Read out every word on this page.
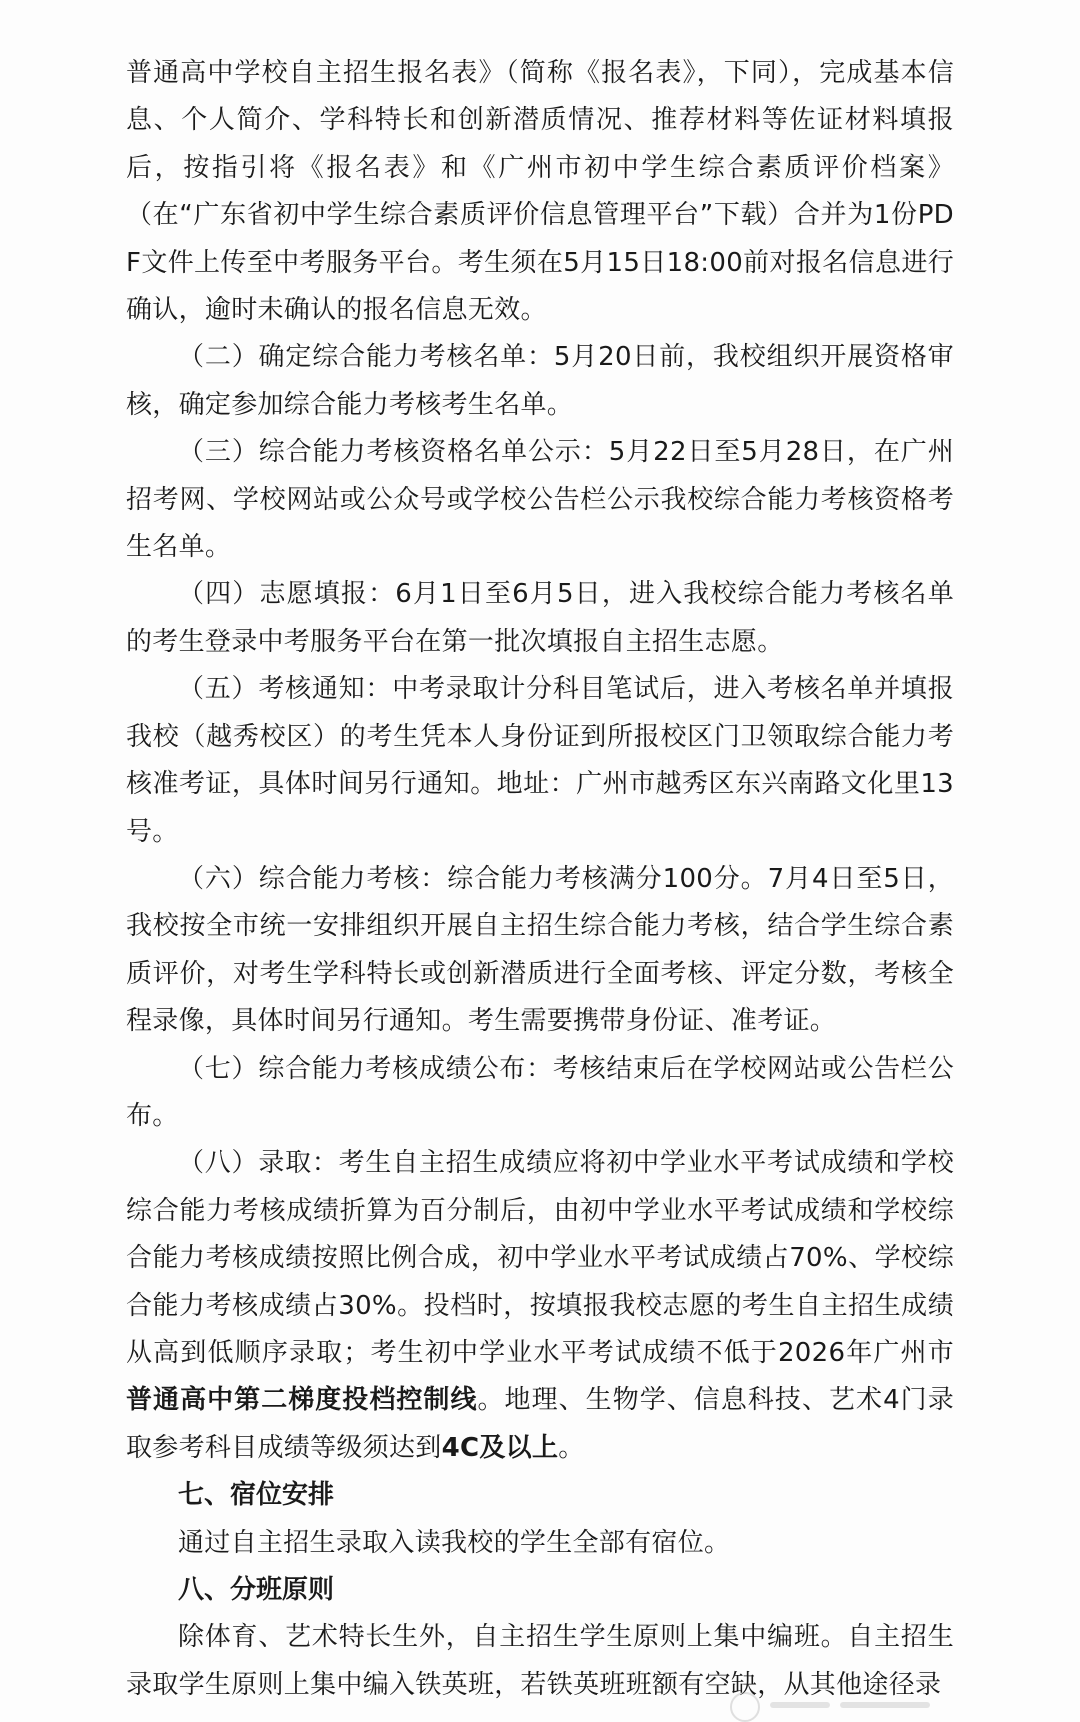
普通高中学校自主招生报名表》（简称《报名表》，下同），完成基本信息、个人简介、学科特长和创新潜质情况、推荐材料等佐证材料填报后，按指引将《报名表》和《广州市初中学生综合素质评价档案》（在“广东省初中学生综合素质评价信息管理平台”下载）合并为1份PDF文件上传至中考服务平台。考生须在5月15日18:00前对报名信息进行确认，逾时未确认的报名信息无效。

（二）确定综合能力考核名单：5月20日前，我校组织开展资格审核，确定参加综合能力考核考生名单。

（三）综合能力考核资格名单公示：5月22日至5月28日，在广州招考网、学校网站或公众号或学校公告栏公示我校综合能力考核资格考生名单。

（四）志愿填报：6月1日至6月5日，进入我校综合能力考核名单的考生登录中考服务平台在第一批次填报自主招生志愿。

（五）考核通知：中考录取计分科目笔试后，进入考核名单并填报我校（越秀校区）的考生凭本人身份证到所报校区门卫领取综合能力考核准考证，具体时间另行通知。地址：广州市越秀区东兴南路文化里13号。

（六）综合能力考核：综合能力考核满分100分。7月4日至5日，我校按全市统一安排组织开展自主招生综合能力考核，结合学生综合素质评价，对考生学科特长或创新潜质进行全面考核、评定分数，考核全程录像，具体时间另行通知。考生需要携带身份证、准考证。

（七）综合能力考核成绩公布：考核结束后在学校网站或公告栏公布。

（八）录取：考生自主招生成绩应将初中学业水平考试成绩和学校综合能力考核成绩折算为百分制后，由初中学业水平考试成绩和学校综合能力考核成绩按照比例合成，初中学业水平考试成绩占70%、学校综合能力考核成绩占30%。投档时，按填报我校志愿的考生自主招生成绩从高到低顺序录取；考生初中学业水平考试成绩不低于2026年广州市普通高中第二梯度投档控制线。地理、生物学、信息科技、艺术4门录取参考科目成绩等级须达到4C及以上。

七、宿位安排

通过自主招生录取入读我校的学生全部有宿位。

八、分班原则

除体育、艺术特长生外，自主招生学生原则上集中编班。自主招生录取学生原则上集中编入铁英班，若铁英班班额有空缺，从其他途径录
